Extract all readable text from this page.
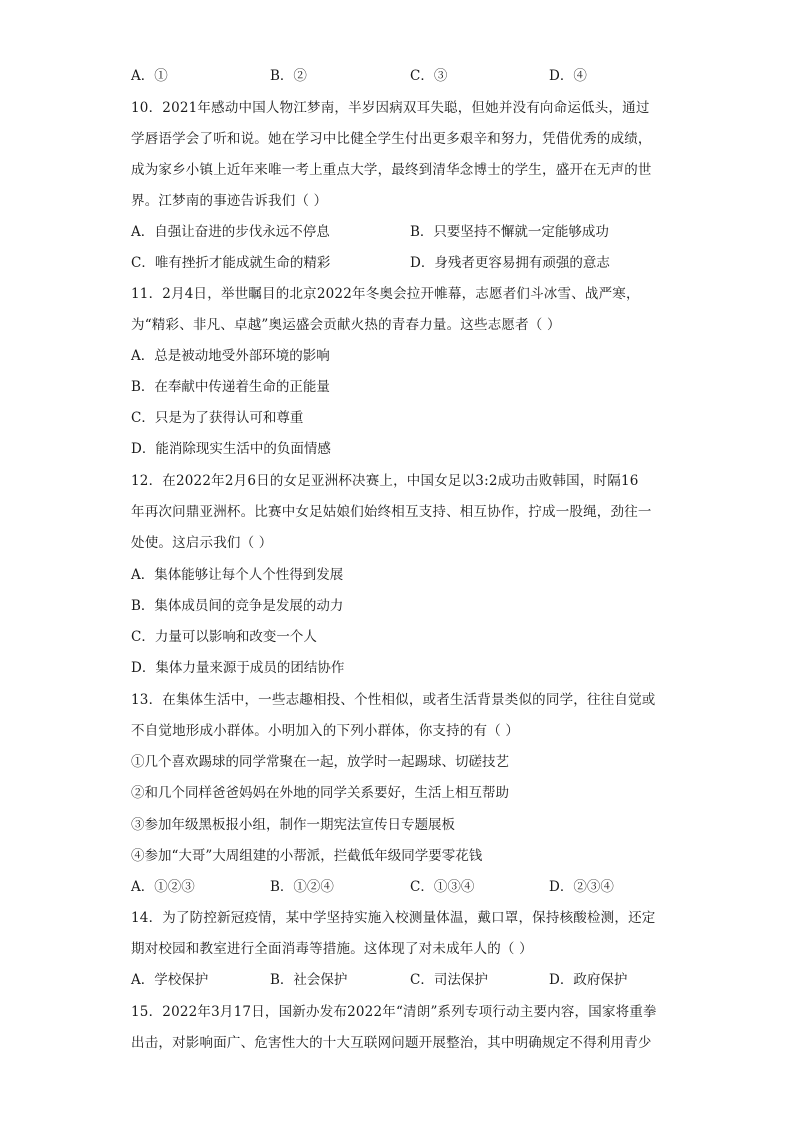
A．①	B．②	C．③	D．④
10．2021年感动中国人物江梦南，半岁因病双耳失聪，但她并没有向命运低头，通过
学唇语学会了听和说。她在学习中比健全学生付出更多艰辛和努力，凭借优秀的成绩，
成为家乡小镇上近年来唯一考上重点大学，最终到清华念博士的学生，盛开在无声的世
界。江梦南的事迹告诉我们（ ）
A．自强让奋进的步伐永远不停息	B．只要坚持不懈就一定能够成功
C．唯有挫折才能成就生命的精彩	D．身残者更容易拥有顽强的意志
11．2月4日，举世瞩目的北京2022年冬奥会拉开帷幕，志愿者们斗冰雪、战严寒，
为“精彩、非凡、卓越”奥运盛会贡献火热的青春力量。这些志愿者（ ）
A．总是被动地受外部环境的影响
B．在奉献中传递着生命的正能量
C．只是为了获得认可和尊重
D．能消除现实生活中的负面情感
12．在2022年2月6日的女足亚洲杯决赛上，中国女足以3:2成功击败韩国，时隔16
年再次问鼎亚洲杯。比赛中女足姑娘们始终相互支持、相互协作，拧成一股绳，劲往一
处使。这启示我们（ ）
A．集体能够让每个人个性得到发展
B．集体成员间的竞争是发展的动力
C．力量可以影响和改变一个人
D．集体力量来源于成员的团结协作
13．在集体生活中，一些志趣相投、个性相似，或者生活背景类似的同学，往往自觉或
不自觉地形成小群体。小明加入的下列小群体，你支持的有（ ）
①几个喜欢踢球的同学常聚在一起，放学时一起踢球、切磋技艺
②和几个同样爸爸妈妈在外地的同学关系要好，生活上相互帮助
③参加年级黑板报小组，制作一期宪法宣传日专题展板
④参加“大哥”大周组建的小帮派，拦截低年级同学要零花钱
A．①②③	B．①②④	C．①③④	D．②③④
14．为了防控新冠疫情，某中学坚持实施入校测量体温，戴口罩，保持核酸检测，还定
期对校园和教室进行全面消毒等措施。这体现了对未成年人的（ ）
A．学校保护	B．社会保护	C．司法保护	D．政府保护
15．2022年3月17日，国新办发布2022年“清朗”系列专项行动主要内容，国家将重拳
出击，对影响面广、危害性大的十大互联网问题开展整治，其中明确规定不得利用青少
